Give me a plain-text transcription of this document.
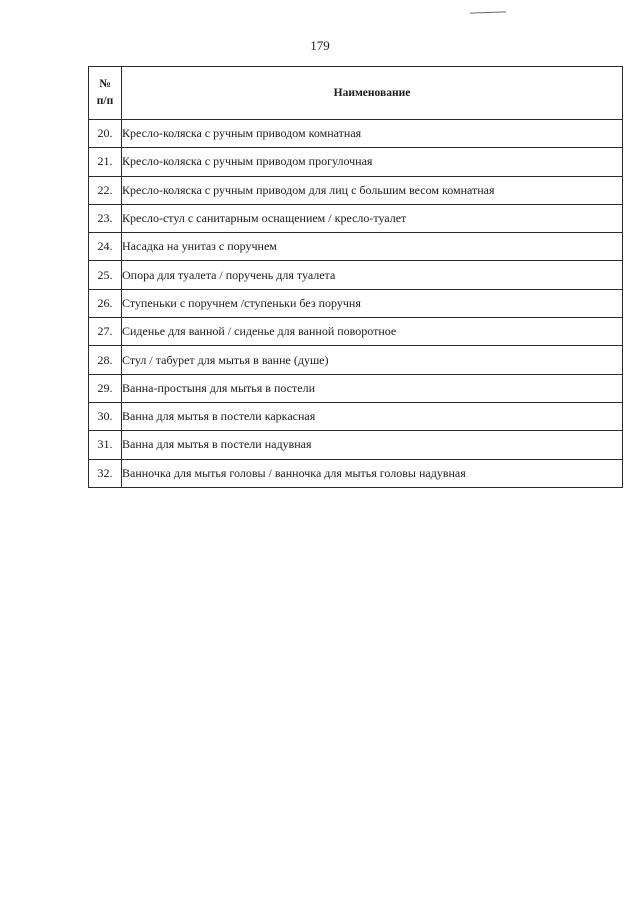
179
№
п/п	Наименование
20.	Кресло-коляска с ручным приводом комнатная
21.	Кресло-коляска с ручным приводом прогулочная
22.	Кресло-коляска с ручным приводом для лиц с большим весом комнатная
23.	Кресло-стул с санитарным оснащением / кресло-туалет
24.	Насадка на унитаз с поручнем
25.	Опора для туалета / поручень для туалета
26.	Ступеньки с поручнем /ступеньки без поручня
27.	Сиденье для ванной / сиденье для ванной поворотное
28.	Стул / табурет для мытья в ванне (душе)
29.	Ванна-простыня для мытья в постели
30.	Ванна для мытья в постели каркасная
31.	Ванна для мытья в постели надувная
32.	Ванночка для мытья головы / ванночка для мытья головы надувная
